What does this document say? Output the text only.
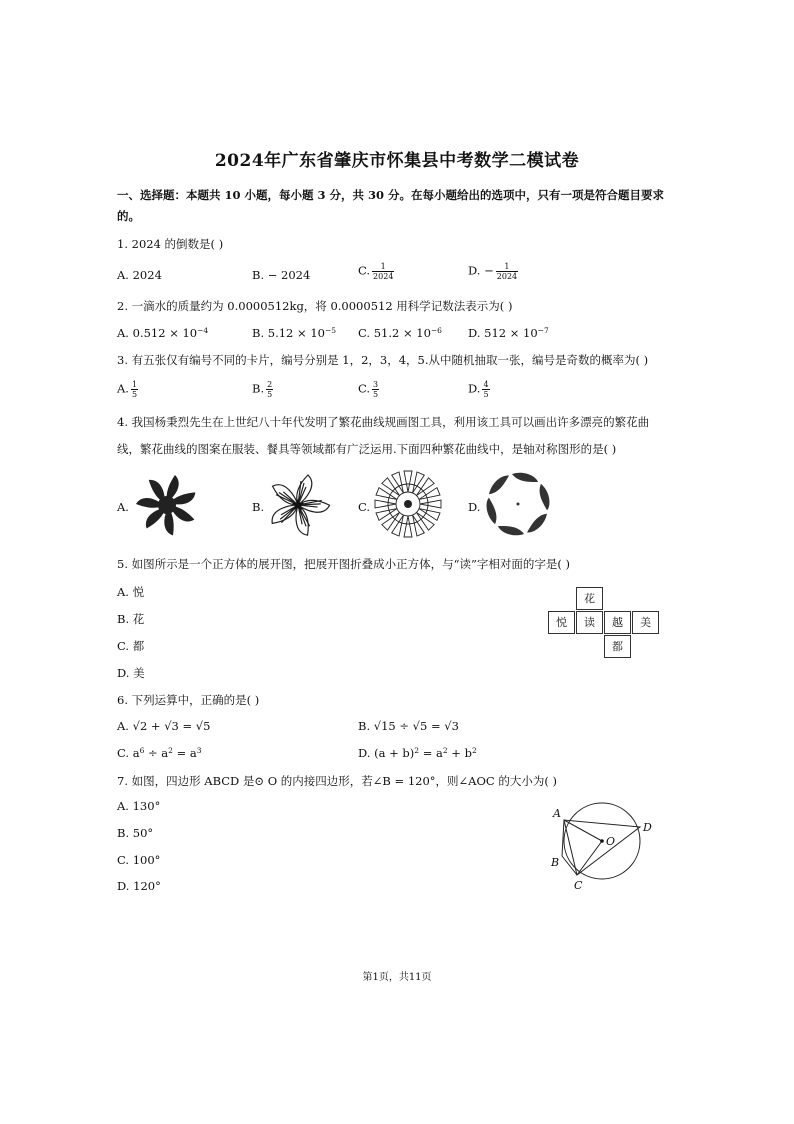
2024年广东省肇庆市怀集县中考数学二模试卷
一、选择题：本题共 10 小题，每小题 3 分，共 30 分。在每小题给出的选项中，只有一项是符合题目要求
的。
1. 2024 的倒数是( )
A. 2024	B. − 2024	C. $\frac{1}{2024}$	D. − $\frac{1}{2024}$
2. 一滴水的质量约为 0.0000512kg，将 0.0000512 用科学记数法表示为( )
A. $0.512 \times 10^{-4}$	B. $5.12 \times 10^{-5}$ C. $51.2 \times 10^{-6}$ D. $512 \times 10^{-7}$
3. 有五张仅有编号不同的卡片，编号分别是 1，2，3，4，5.从中随机抽取一张，编号是奇数的概率为( )
A. $\frac{1}{5}$	B. $\frac{2}{5}$	C. $\frac{3}{5}$	D. $\frac{4}{5}$
4. 我国杨秉烈先生在上世纪八十年代发明了繁花曲线规画图工具，利用该工具可以画出许多漂亮的繁花曲
线，繁花曲线的图案在服装、餐具等领域都有广泛运用.下面四种繁花曲线中，是轴对称图形的是( )
A.	B.	C.	D.
5. 如图所示是一个正方体的展开图，把展开图折叠成小正方体，与“读”字相对面的字是( )
A. 悦
B. 花
C. 都
D. 美
花
悦	读	越	美
都
6. 下列运算中，正确的是( )
A. √2 + √3 = √5	B. √15 ÷ √5 = √3
C. $a^6 \div a^2 = a^3$	D. $(a + b)^2 = a^2 + b^2$
7. 如图，四边形 ABCD 是⊙ O 的内接四边形，若∠B = 120°，则∠AOC 的大小为( )
A. 130°
B. 50°
C. 100°
D. 120°
A
B
C
D
O
第1页，共11页
